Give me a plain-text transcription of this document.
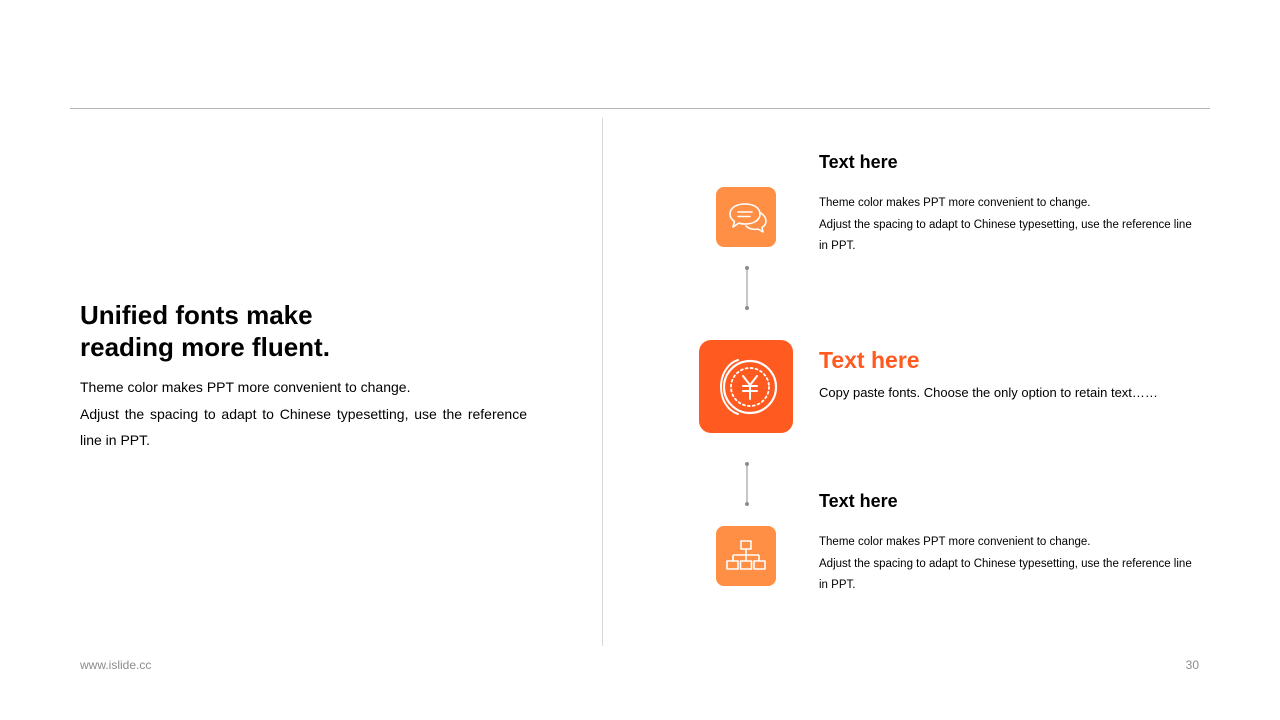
Unified fonts make
reading more fluent.

Theme color makes PPT more convenient to change.

Adjust the spacing to adapt to Chinese typesetting, use the reference line in PPT.

Text here

Theme color makes PPT more convenient to change.

Adjust the spacing to adapt to Chinese typesetting, use the reference line in PPT.

Text here

Copy paste fonts. Choose the only option to retain text……

Text here

Theme color makes PPT more convenient to change.

Adjust the spacing to adapt to Chinese typesetting, use the reference line in PPT.

www.islide.cc	30
